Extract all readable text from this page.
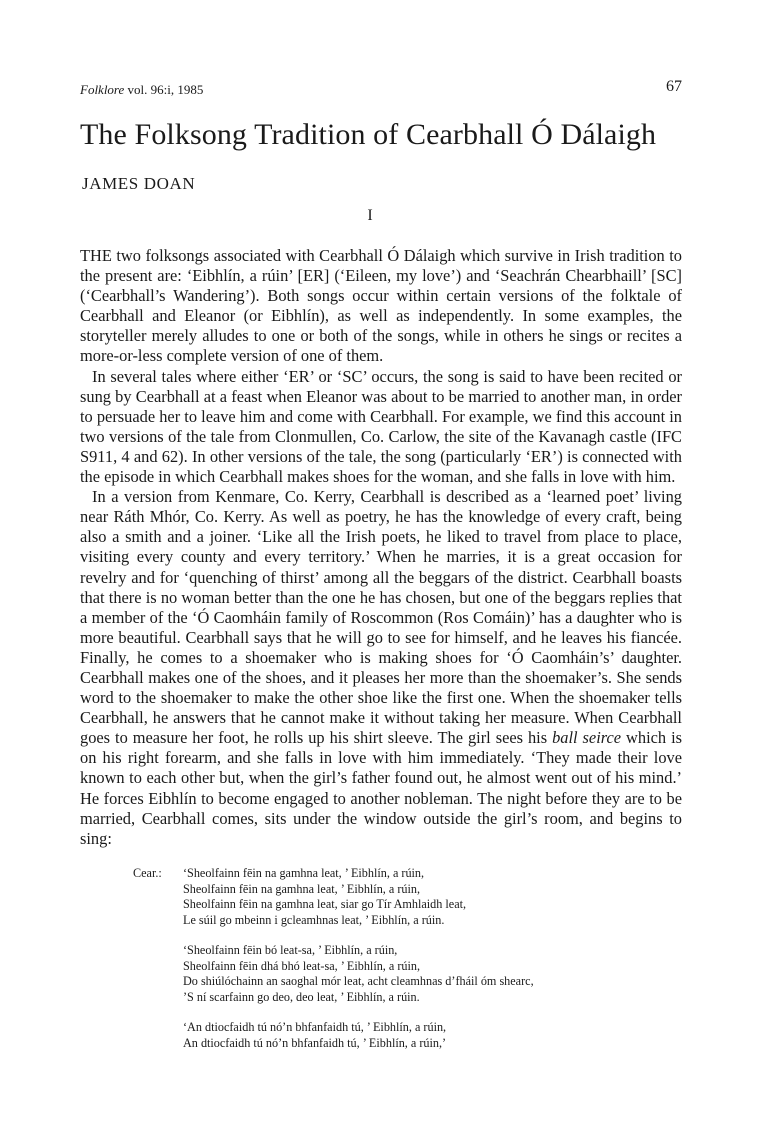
Folklore vol. 96:i, 1985	67
The Folksong Tradition of Cearbhall Ó Dálaigh
JAMES DOAN
I

THE two folksongs associated with Cearbhall Ó Dálaigh which survive in Irish tradition to the present are: ‘Eibhlín, a rúin’ [ER] (‘Eileen, my love’) and ‘Seachrán Chearbhaill’ [SC] (‘Cearbhall’s Wandering’). Both songs occur within certain versions of the folktale of Cearbhall and Eleanor (or Eibhlín), as well as independently. In some examples, the storyteller merely alludes to one or both of the songs, while in others he sings or recites a more-or-less complete version of one of them.

In several tales where either ‘ER’ or ‘SC’ occurs, the song is said to have been recited or sung by Cearbhall at a feast when Eleanor was about to be married to another man, in order to persuade her to leave him and come with Cearbhall. For example, we find this account in two versions of the tale from Clonmullen, Co. Carlow, the site of the Kavanagh castle (IFC S911, 4 and 62). In other versions of the tale, the song (particularly ‘ER’) is connected with the episode in which Cearbhall makes shoes for the woman, and she falls in love with him.

In a version from Kenmare, Co. Kerry, Cearbhall is described as a ‘learned poet’ living near Ráth Mhór, Co. Kerry. As well as poetry, he has the knowledge of every craft, being also a smith and a joiner. ‘Like all the Irish poets, he liked to travel from place to place, visiting every county and every territory.’ When he marries, it is a great occasion for revelry and for ‘quenching of thirst’ among all the beggars of the district. Cearbhall boasts that there is no woman better than the one he has chosen, but one of the beggars replies that a member of the ‘Ó Caomháin family of Roscommon (Ros Comáin)’ has a daughter who is more beautiful. Cearbhall says that he will go to see for himself, and he leaves his fiancée. Finally, he comes to a shoemaker who is making shoes for ‘Ó Caomháin’s’ daughter. Cearbhall makes one of the shoes, and it pleases her more than the shoemaker’s. She sends word to the shoemaker to make the other shoe like the first one. When the shoemaker tells Cearbhall, he answers that he cannot make it without taking her measure. When Cearbhall goes to measure her foot, he rolls up his shirt sleeve. The girl sees his ball seirce which is on his right forearm, and she falls in love with him immediately. ‘They made their love known to each other but, when the girl’s father found out, he almost went out of his mind.’ He forces Eibhlín to become engaged to another nobleman. The night before they are to be married, Cearbhall comes, sits under the window outside the girl’s room, and begins to sing:

Cear.: ‘Sheolfainn fēin na gamhna leat, ’ Eibhlín, a rúin,
Sheolfainn fēin na gamhna leat, ’ Eibhlín, a rúin,
Sheolfainn fēin na gamhna leat, siar go Tír Amhlaidh leat,
Le súil go mbeinn i gcleamhnas leat, ’ Eibhlín, a rúin.
‘Sheolfainn fēin bó leat-sa, ’ Eibhlín, a rúin,
Sheolfainn fēin dhá bhó leat-sa, ’ Eibhlín, a rúin,
Do shiúlóchainn an saoghal mór leat, acht cleamhnas d’fháil óm shearc,
’S ní scarfainn go deo, deo leat, ’ Eibhlín, a rúin.
‘An dtiocfaidh tú nó’n bhfanfaidh tú, ’ Eibhlín, a rúin,
An dtiocfaidh tú nó’n bhfanfaidh tú, ’ Eibhlín, a rúin,’
